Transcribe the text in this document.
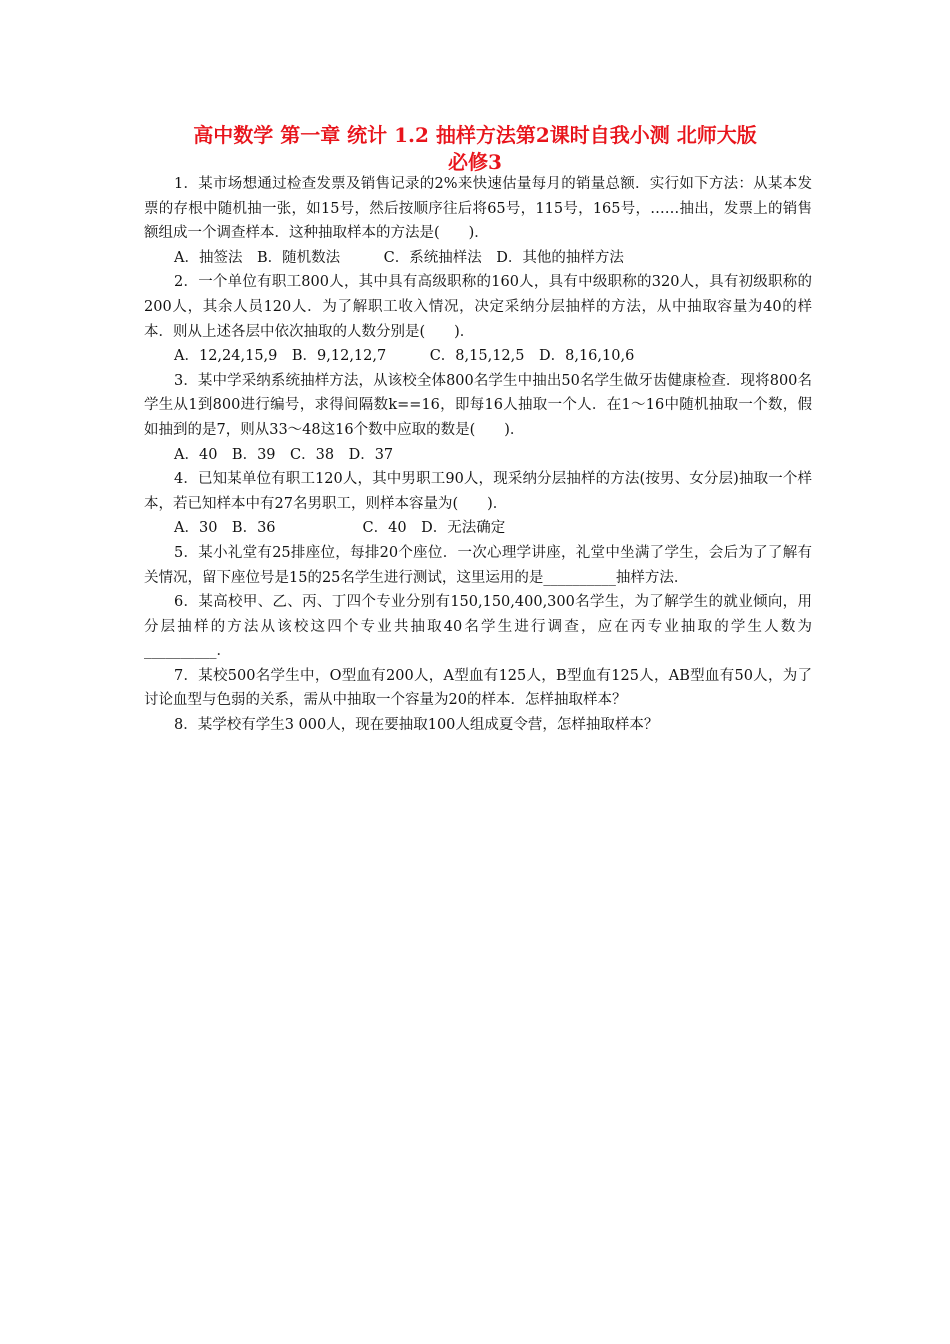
高中数学 第一章 统计 1.2 抽样方法第2课时自我小测 北师大版
必修3

1．某市场想通过检查发票及销售记录的2%来快速估量每月的销量总额．实行如下方法：从某本发票的存根中随机抽一张，如15号，然后按顺序往后将65号，115号，165号，……抽出，发票上的销售额组成一个调查样本．这种抽取样本的方法是(　　)．

A．抽签法　B．随机数法　　　C．系统抽样法　D．其他的抽样方法

2．一个单位有职工800人，其中具有高级职称的160人，具有中级职称的320人，具有初级职称的200人，其余人员120人．为了解职工收入情况，决定采纳分层抽样的方法，从中抽取容量为40的样本．则从上述各层中依次抽取的人数分别是(　　)．

A．12,24,15,9　B．9,12,12,7　　　C．8,15,12,5　D．8,16,10,6

3．某中学采纳系统抽样方法，从该校全体800名学生中抽出50名学生做牙齿健康检查．现将800名学生从1到800进行编号，求得间隔数k==16，即每16人抽取一个人．在1～16中随机抽取一个数，假如抽到的是7，则从33～48这16个数中应取的数是(　　)．

A．40　B．39　C．38　D．37

4．已知某单位有职工120人，其中男职工90人，现采纳分层抽样的方法(按男、女分层)抽取一个样本，若已知样本中有27名男职工，则样本容量为(　　)．

A．30　B．36　　　　　　C．40　D．无法确定

5．某小礼堂有25排座位，每排20个座位．一次心理学讲座，礼堂中坐满了学生，会后为了了解有关情况，留下座位号是15的25名学生进行测试，这里运用的是__________抽样方法．

6．某高校甲、乙、丙、丁四个专业分别有150,150,400,300名学生，为了解学生的就业倾向，用分层抽样的方法从该校这四个专业共抽取40名学生进行调查，应在丙专业抽取的学生人数为__________．

7．某校500名学生中，O型血有200人，A型血有125人，B型血有125人，AB型血有50人，为了讨论血型与色弱的关系，需从中抽取一个容量为20的样本．怎样抽取样本？

8．某学校有学生3 000人，现在要抽取100人组成夏令营，怎样抽取样本？
